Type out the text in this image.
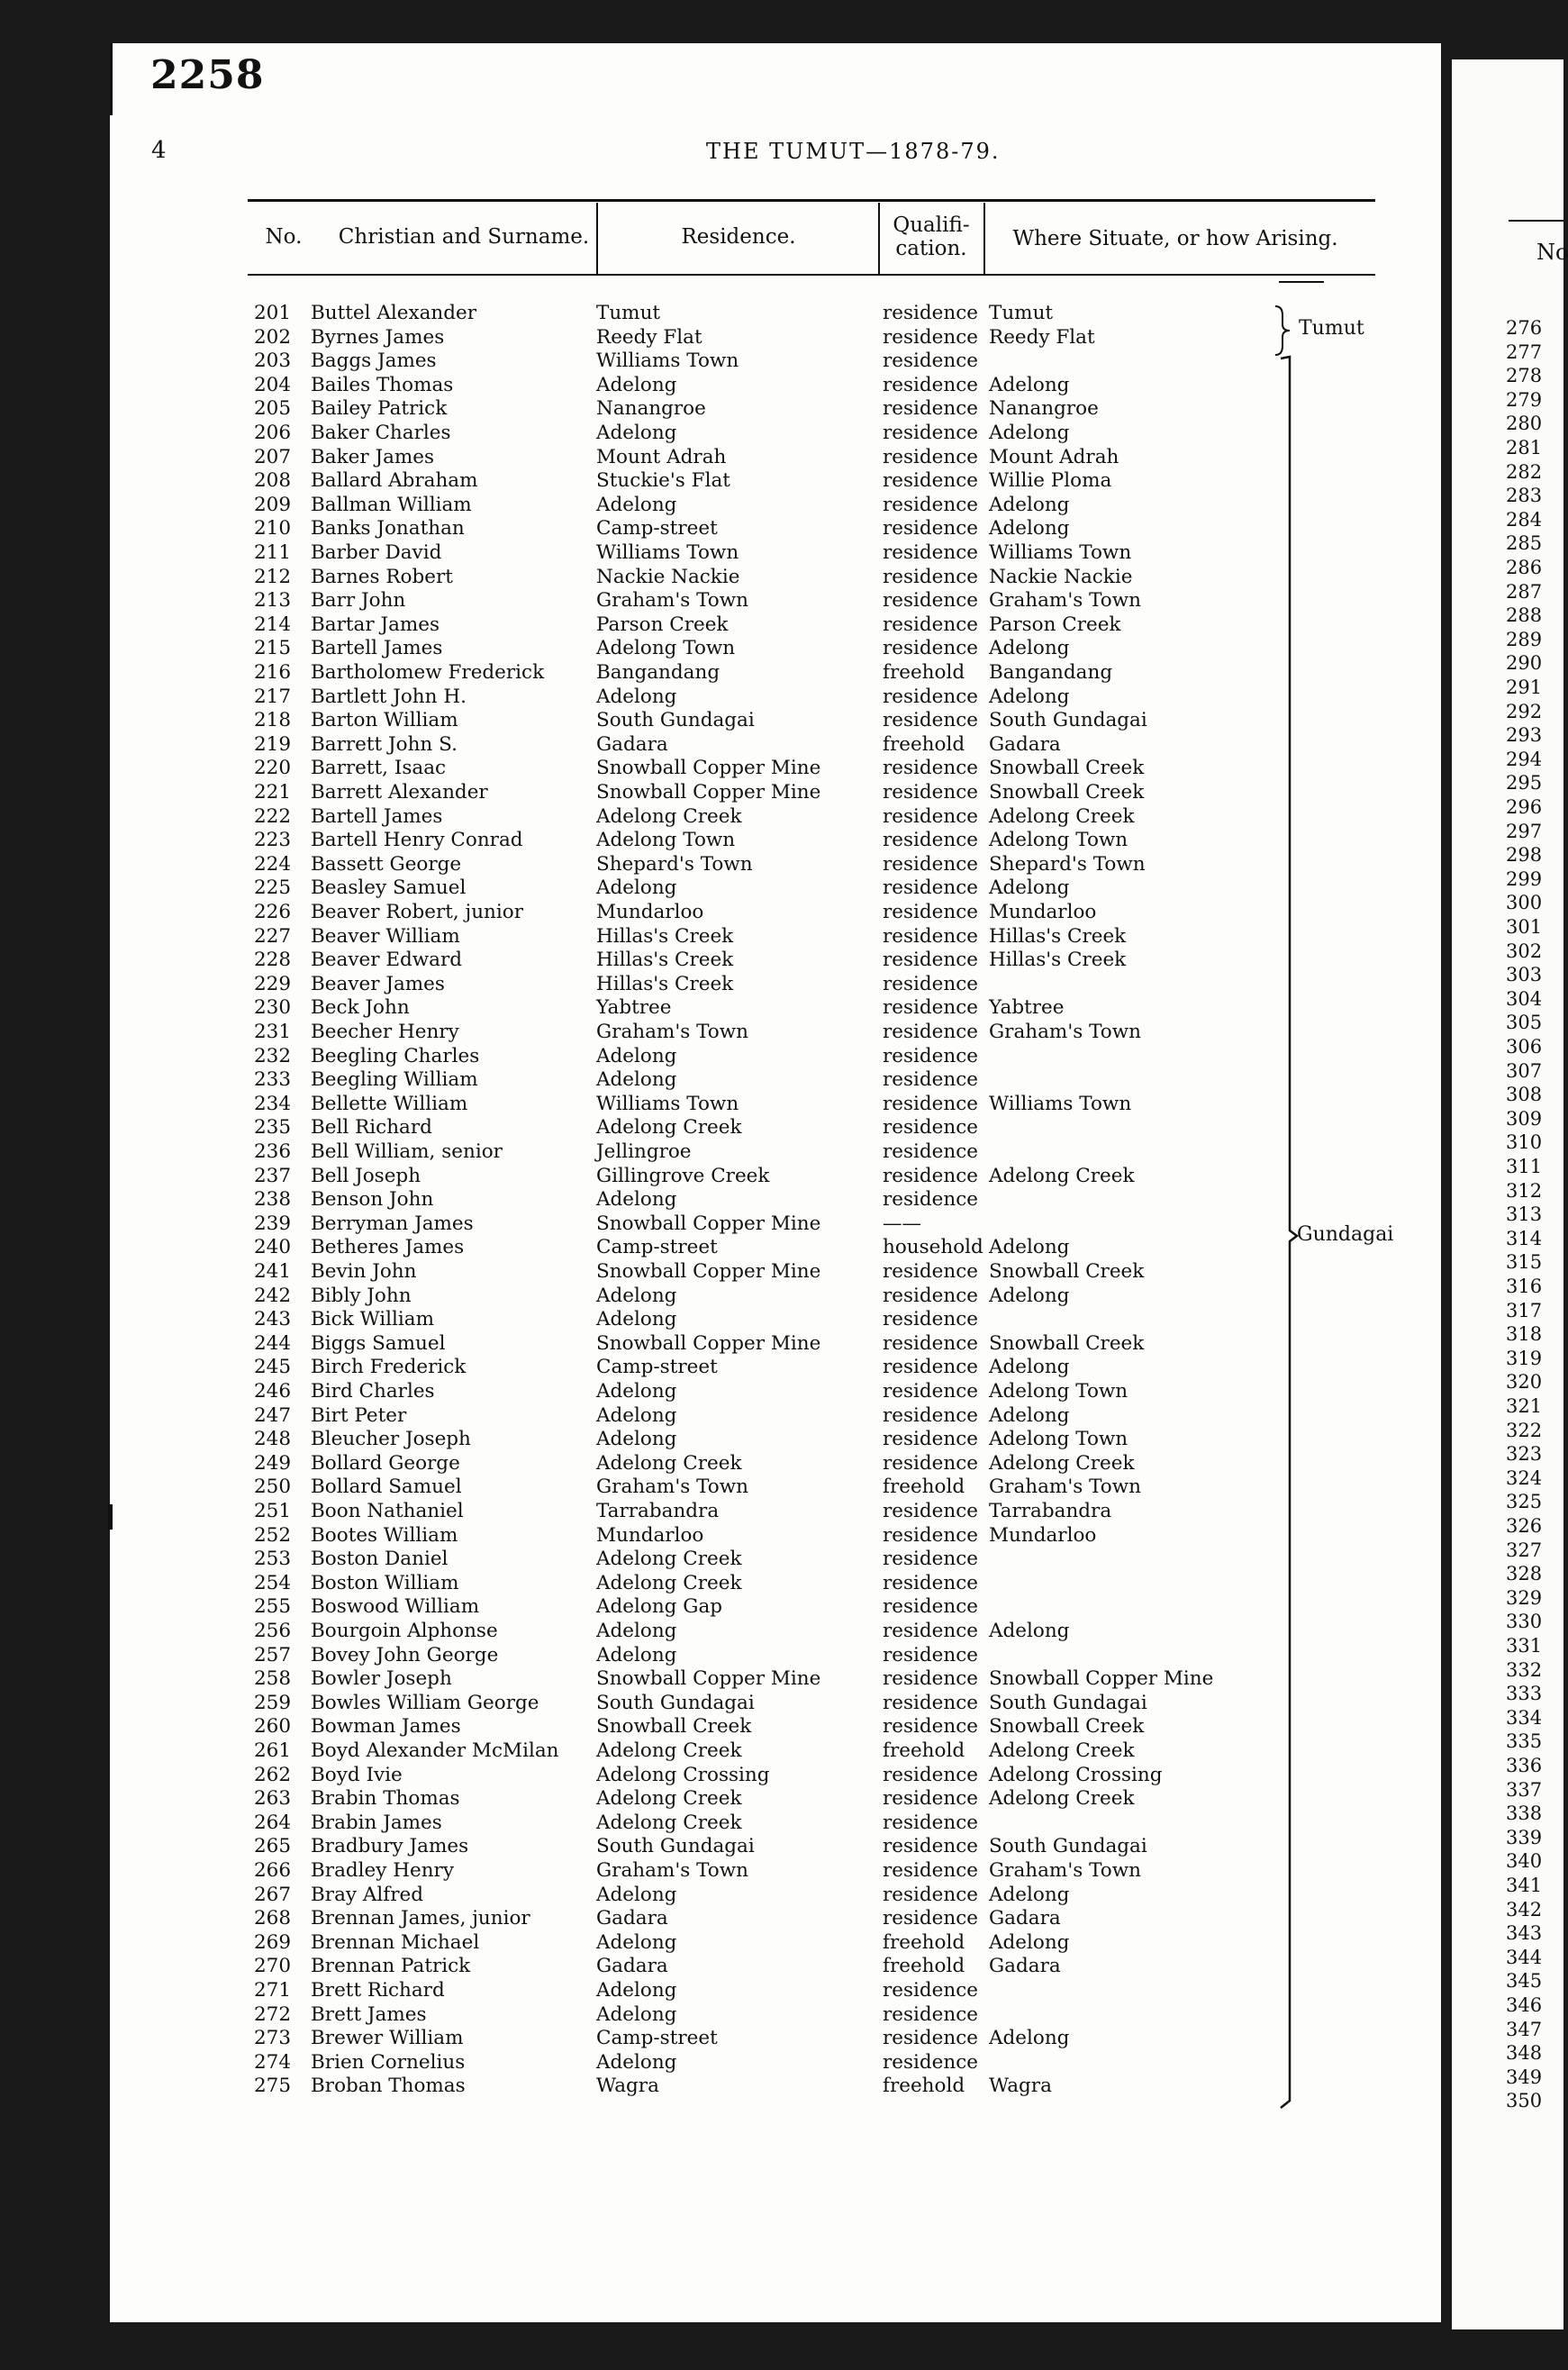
2258
4	THE TUMUT—1878-79.
No.	Christian and Surname.	Residence.	Qualifi-
cation.	Where Situate, or how Arising.
No
Tumut
Gundagai
201	Buttel Alexander	Tumut	residence Tumut
202	Byrnes James	Reedy Flat	residence Reedy Flat
203	Baggs James	Williams Town	residence
204	Bailes Thomas	Adelong	residence Adelong
205	Bailey Patrick	Nanangroe	residence Nanangroe
206	Baker Charles	Adelong	residence Adelong
207	Baker James	Mount Adrah	residence Mount Adrah
208	Ballard Abraham	Stuckie's Flat	residence Willie Ploma
209	Ballman William	Adelong	residence Adelong
210	Banks Jonathan	Camp-street	residence Adelong
211	Barber David	Williams Town	residence Williams Town
212	Barnes Robert	Nackie Nackie	residence Nackie Nackie
213	Barr John	Graham's Town	residence Graham's Town
214	Bartar James	Parson Creek	residence Parson Creek
215	Bartell James	Adelong Town	residence Adelong
216	Bartholomew Frederick	Bangandang	freehold	Bangandang
217	Bartlett John H.	Adelong	residence Adelong
218	Barton William	South Gundagai	residence South Gundagai
219	Barrett John S.	Gadara	freehold	Gadara
220	Barrett, Isaac	Snowball Copper Mine	residence Snowball Creek
221	Barrett Alexander	Snowball Copper Mine	residence Snowball Creek
222	Bartell James	Adelong Creek	residence Adelong Creek
223	Bartell Henry Conrad	Adelong Town	residence Adelong Town
224	Bassett George	Shepard's Town	residence Shepard's Town
225	Beasley Samuel	Adelong	residence Adelong
226	Beaver Robert, junior	Mundarloo	residence Mundarloo
227	Beaver William	Hillas's Creek	residence Hillas's Creek
228	Beaver Edward	Hillas's Creek	residence Hillas's Creek
229	Beaver James	Hillas's Creek	residence
230	Beck John	Yabtree	residence Yabtree
231	Beecher Henry	Graham's Town	residence Graham's Town
232	Beegling Charles	Adelong	residence
233	Beegling William	Adelong	residence
234	Bellette William	Williams Town	residence Williams Town
235	Bell Richard	Adelong Creek	residence
236	Bell William, senior	Jellingroe	residence
237	Bell Joseph	Gillingrove Creek	residence Adelong Creek
238	Benson John	Adelong	residence
239	Berryman James	Snowball Copper Mine	——
240	Betheres James	Camp-street	household Adelong
241	Bevin John	Snowball Copper Mine	residence Snowball Creek
242	Bibly John	Adelong	residence Adelong
243	Bick William	Adelong	residence
244	Biggs Samuel	Snowball Copper Mine	residence Snowball Creek
245	Birch Frederick	Camp-street	residence Adelong
246	Bird Charles	Adelong	residence Adelong Town
247	Birt Peter	Adelong	residence Adelong
248	Bleucher Joseph	Adelong	residence Adelong Town
249	Bollard George	Adelong Creek	residence Adelong Creek
250	Bollard Samuel	Graham's Town	freehold	Graham's Town
251	Boon Nathaniel	Tarrabandra	residence Tarrabandra
252	Bootes William	Mundarloo	residence Mundarloo
253	Boston Daniel	Adelong Creek	residence
254	Boston William	Adelong Creek	residence
255	Boswood William	Adelong Gap	residence
256	Bourgoin Alphonse	Adelong	residence Adelong
257	Bovey John George	Adelong	residence
258	Bowler Joseph	Snowball Copper Mine	residence Snowball Copper Mine
259	Bowles William George	South Gundagai	residence South Gundagai
260	Bowman James	Snowball Creek	residence Snowball Creek
261	Boyd Alexander McMilan	Adelong Creek	freehold	Adelong Creek
262	Boyd Ivie	Adelong Crossing	residence Adelong Crossing
263	Brabin Thomas	Adelong Creek	residence Adelong Creek
264	Brabin James	Adelong Creek	residence
265	Bradbury James	South Gundagai	residence South Gundagai
266	Bradley Henry	Graham's Town	residence Graham's Town
267	Bray Alfred	Adelong	residence Adelong
268	Brennan James, junior	Gadara	residence Gadara
269	Brennan Michael	Adelong	freehold	Adelong
270	Brennan Patrick	Gadara	freehold	Gadara
271	Brett Richard	Adelong	residence
272	Brett James	Adelong	residence
273	Brewer William	Camp-street	residence Adelong
274	Brien Cornelius	Adelong	residence
275	Broban Thomas	Wagra	freehold	Wagra
276
277
278
279
280
281
282
283
284
285
286
287
288
289
290
291
292
293
294
295
296
297
298
299
300
301
302
303
304
305
306
307
308
309
310
311
312
313
314
315
316
317
318
319
320
321
322
323
324
325
326
327
328
329
330
331
332
333
334
335
336
337
338
339
340
341
342
343
344
345
346
347
348
349
350
